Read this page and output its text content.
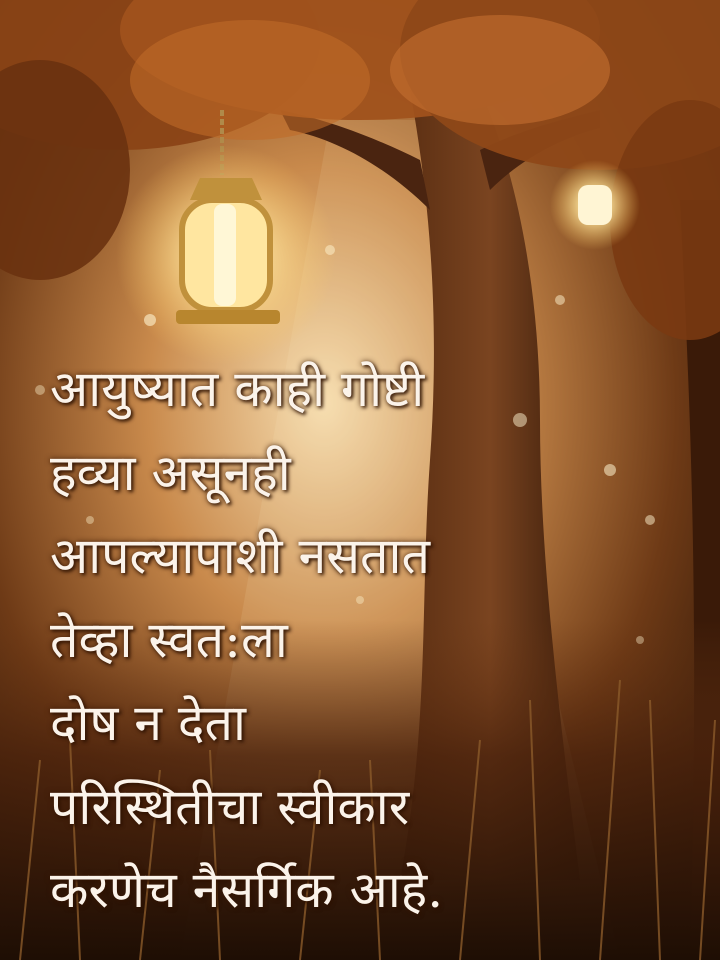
आयुष्यात काही गोष्टी
हव्या असूनही
आपल्यापाशी नसतात
तेव्हा स्वत:ला
दोष न देता
परिस्थितीचा स्वीकार
करणेच नैसर्गिक आहे.
